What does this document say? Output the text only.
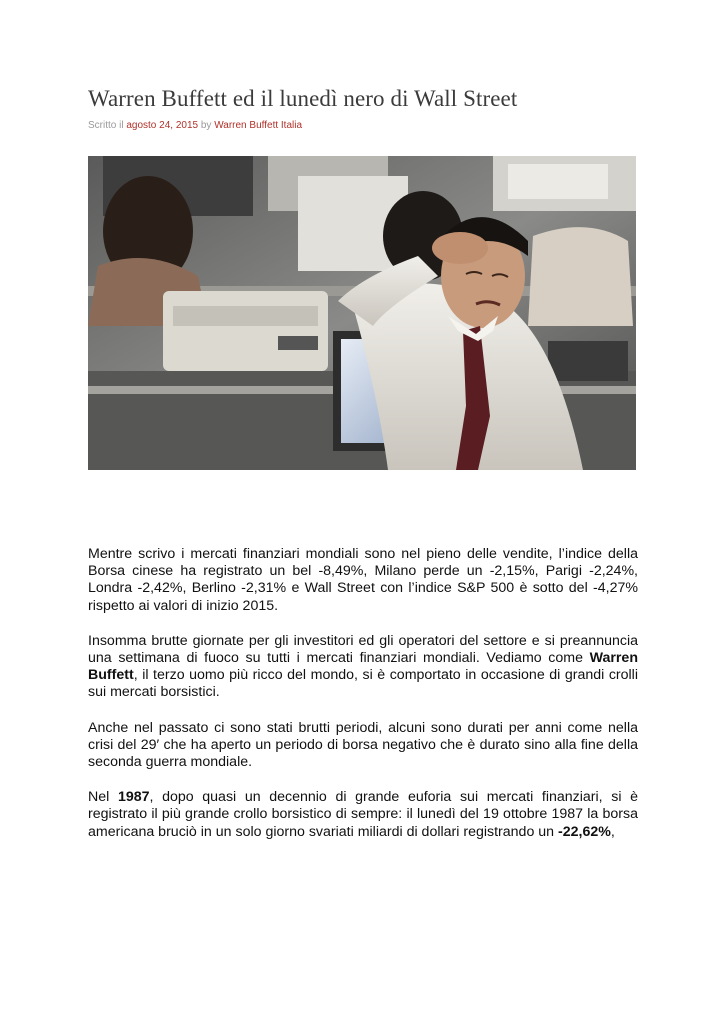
Warren Buffett ed il lunedì nero di Wall Street
Scritto il agosto 24, 2015 by Warren Buffett Italia

Mentre scrivo i mercati finanziari mondiali sono nel pieno delle vendite, l’indice della Borsa cinese ha registrato un bel -8,49%, Milano perde un -2,15%, Parigi -2,24%, Londra -2,42%, Berlino -2,31% e Wall Street con l’indice S&P 500 è sotto del -4,27% rispetto ai valori di inizio 2015.

Insomma brutte giornate per gli investitori ed gli operatori del settore e si preannuncia una settimana di fuoco su tutti i mercati finanziari mondiali. Vediamo come Warren Buffett, il terzo uomo più ricco del mondo, si è comportato in occasione di grandi crolli sui mercati borsistici.

Anche nel passato ci sono stati brutti periodi, alcuni sono durati per anni come nella crisi del 29′ che ha aperto un periodo di borsa negativo che è durato sino alla fine della seconda guerra mondiale.

Nel 1987, dopo quasi un decennio di grande euforia sui mercati finanziari, si è registrato il più grande crollo borsistico di sempre: il lunedì del 19 ottobre 1987 la borsa americana bruciò in un solo giorno svariati miliardi di dollari registrando un -22,62%,
